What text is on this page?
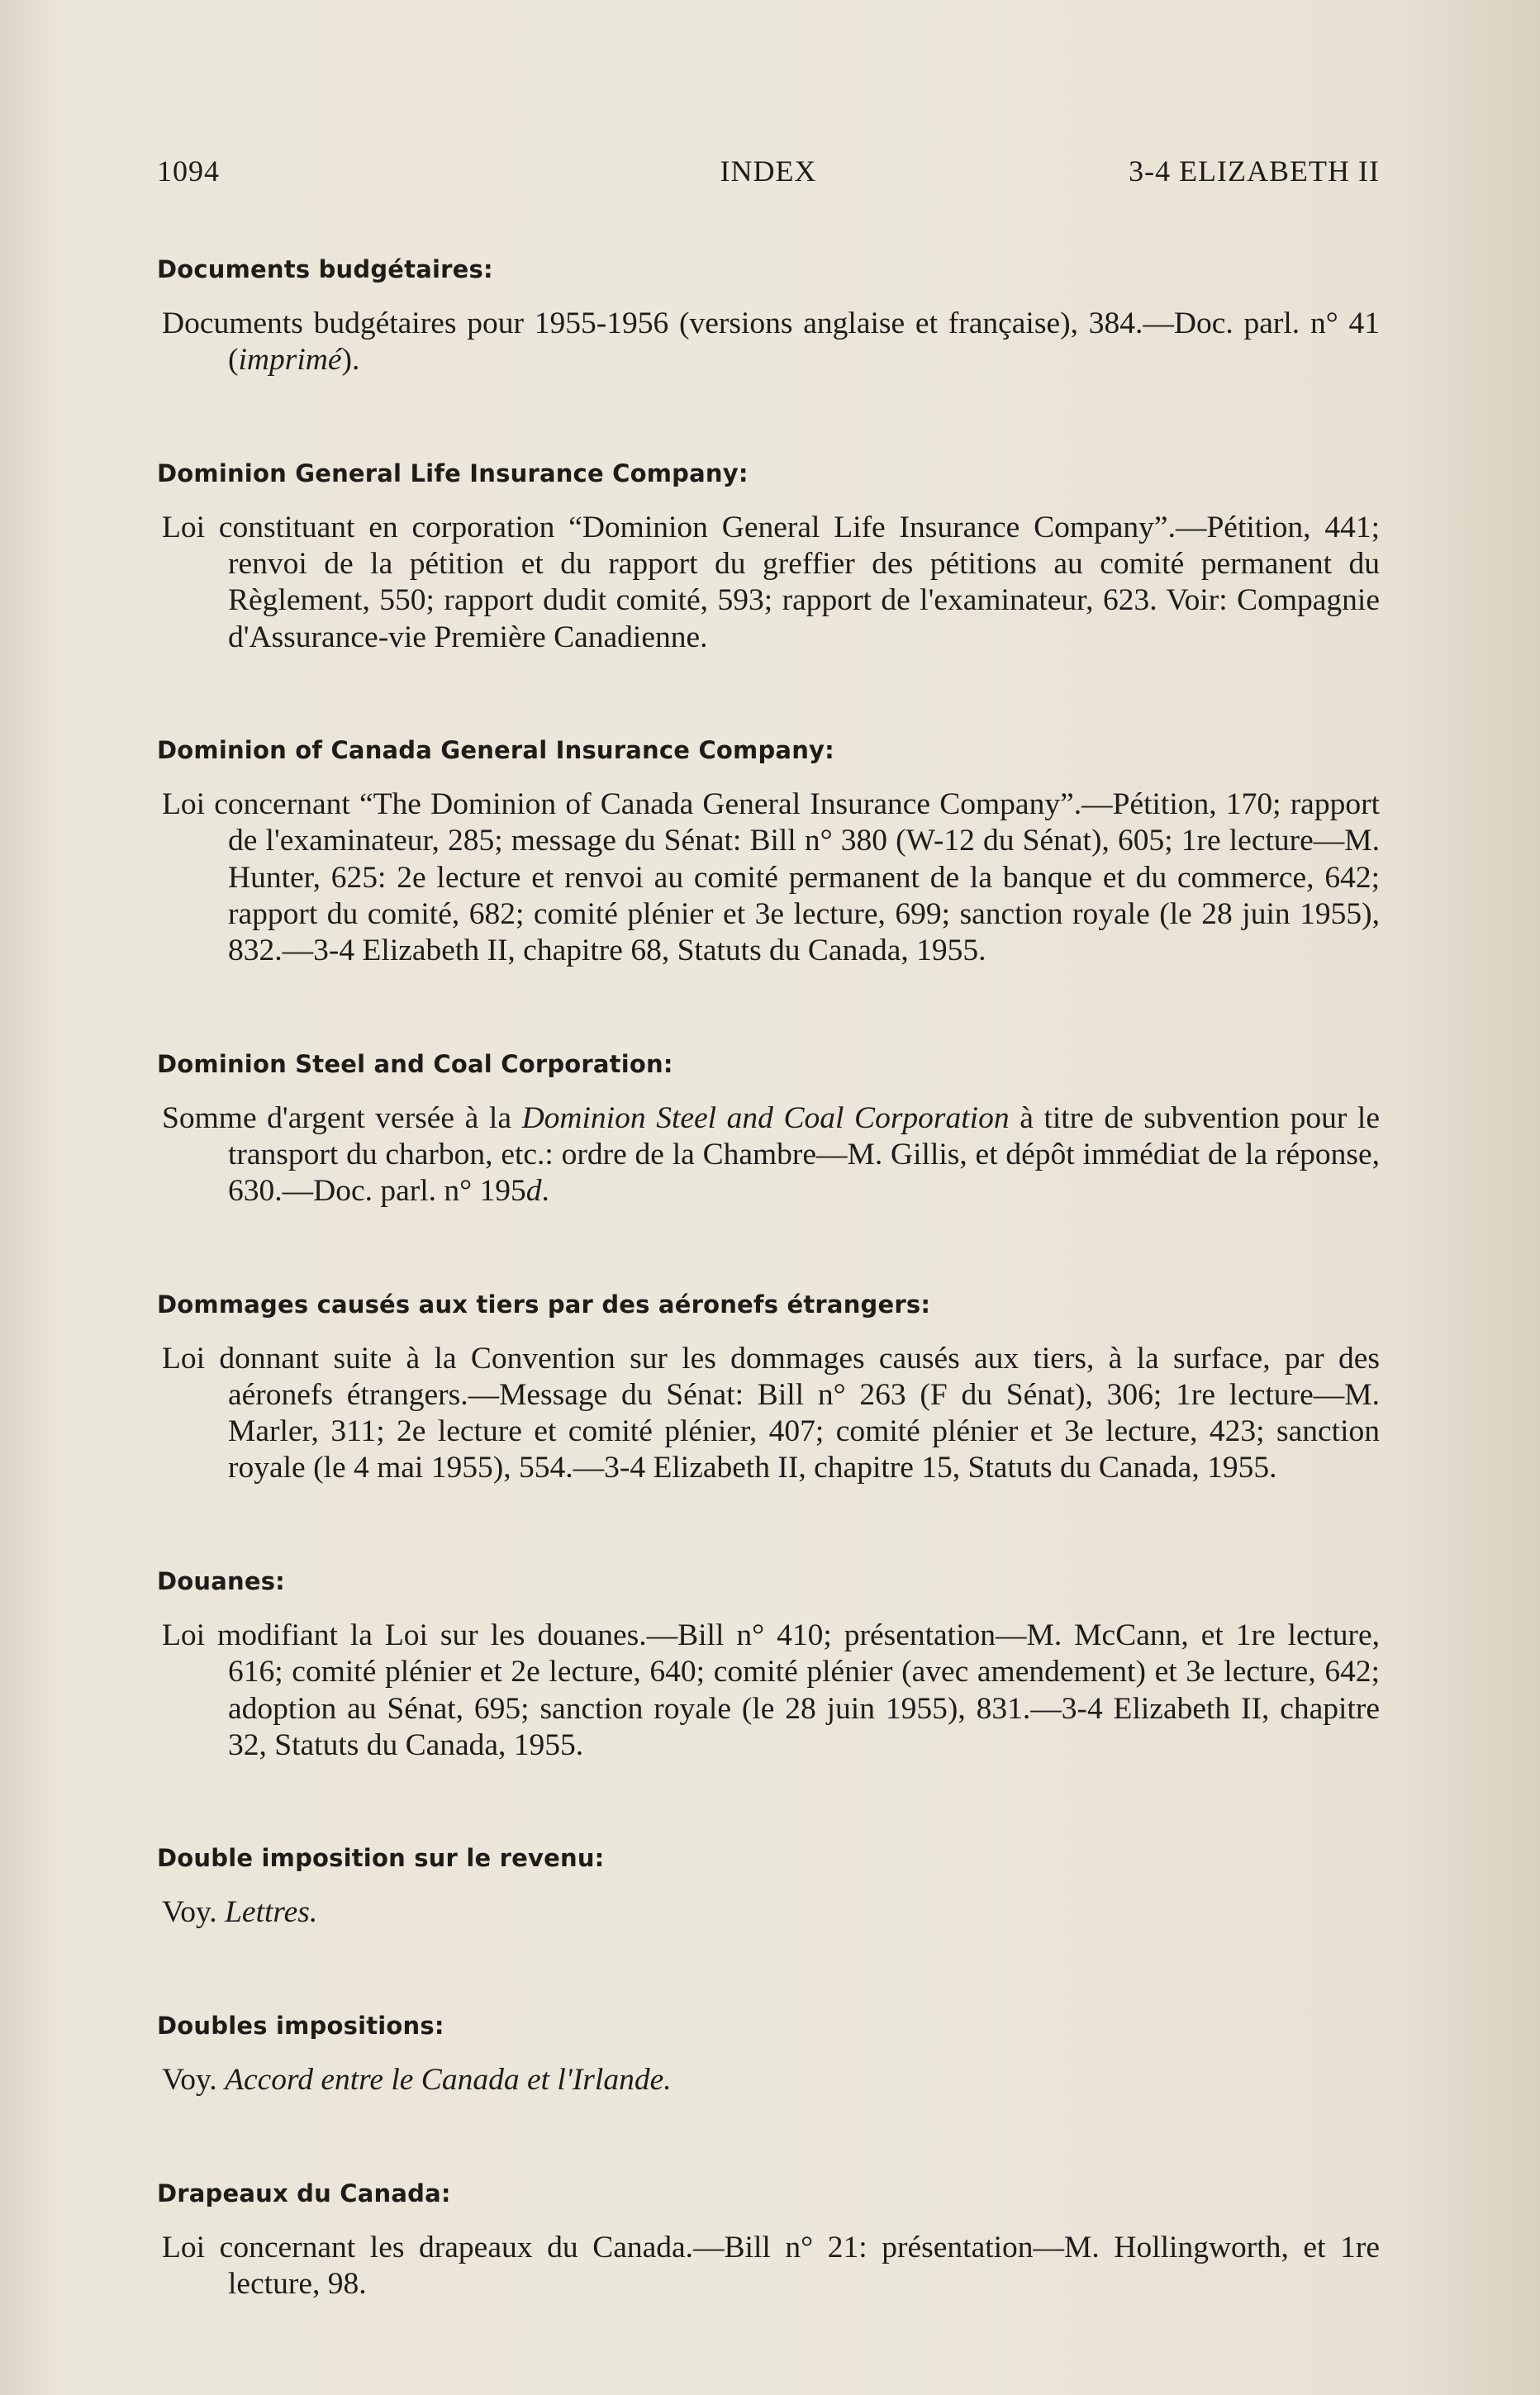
1094	INDEX	3-4 ELIZABETH II

Documents budgétaires:

Documents budgétaires pour 1955-1956 (versions anglaise et française), 384.—Doc. parl. n° 41 (imprimé).

Dominion General Life Insurance Company:

Loi constituant en corporation “Dominion General Life Insurance Company”.—Pétition, 441; renvoi de la pétition et du rapport du greffier des pétitions au comité permanent du Règlement, 550; rapport dudit comité, 593; rapport de l'examinateur, 623. Voir: Compagnie d'Assurance-vie Première Canadienne.

Dominion of Canada General Insurance Company:

Loi concernant “The Dominion of Canada General Insurance Company”.—Pétition, 170; rapport de l'examinateur, 285; message du Sénat: Bill n° 380 (W-12 du Sénat), 605; 1re lecture—M. Hunter, 625: 2e lecture et renvoi au comité permanent de la banque et du commerce, 642; rapport du comité, 682; comité plénier et 3e lecture, 699; sanction royale (le 28 juin 1955), 832.—3-4 Elizabeth II, chapitre 68, Statuts du Canada, 1955.

Dominion Steel and Coal Corporation:

Somme d'argent versée à la Dominion Steel and Coal Corporation à titre de subvention pour le transport du charbon, etc.: ordre de la Chambre—M. Gillis, et dépôt immédiat de la réponse, 630.—Doc. parl. n° 195d.

Dommages causés aux tiers par des aéronefs étrangers:

Loi donnant suite à la Convention sur les dommages causés aux tiers, à la surface, par des aéronefs étrangers.—Message du Sénat: Bill n° 263 (F du Sénat), 306; 1re lecture—M. Marler, 311; 2e lecture et comité plénier, 407; comité plénier et 3e lecture, 423; sanction royale (le 4 mai 1955), 554.—3-4 Elizabeth II, chapitre 15, Statuts du Canada, 1955.

Douanes:

Loi modifiant la Loi sur les douanes.—Bill n° 410; présentation—M. McCann, et 1re lecture, 616; comité plénier et 2e lecture, 640; comité plénier (avec amendement) et 3e lecture, 642; adoption au Sénat, 695; sanction royale (le 28 juin 1955), 831.—3-4 Elizabeth II, chapitre 32, Statuts du Canada, 1955.

Double imposition sur le revenu:

Voy. Lettres.

Doubles impositions:

Voy. Accord entre le Canada et l'Irlande.

Drapeaux du Canada:

Loi concernant les drapeaux du Canada.—Bill n° 21: présentation—M. Hollingworth, et 1re lecture, 98.
